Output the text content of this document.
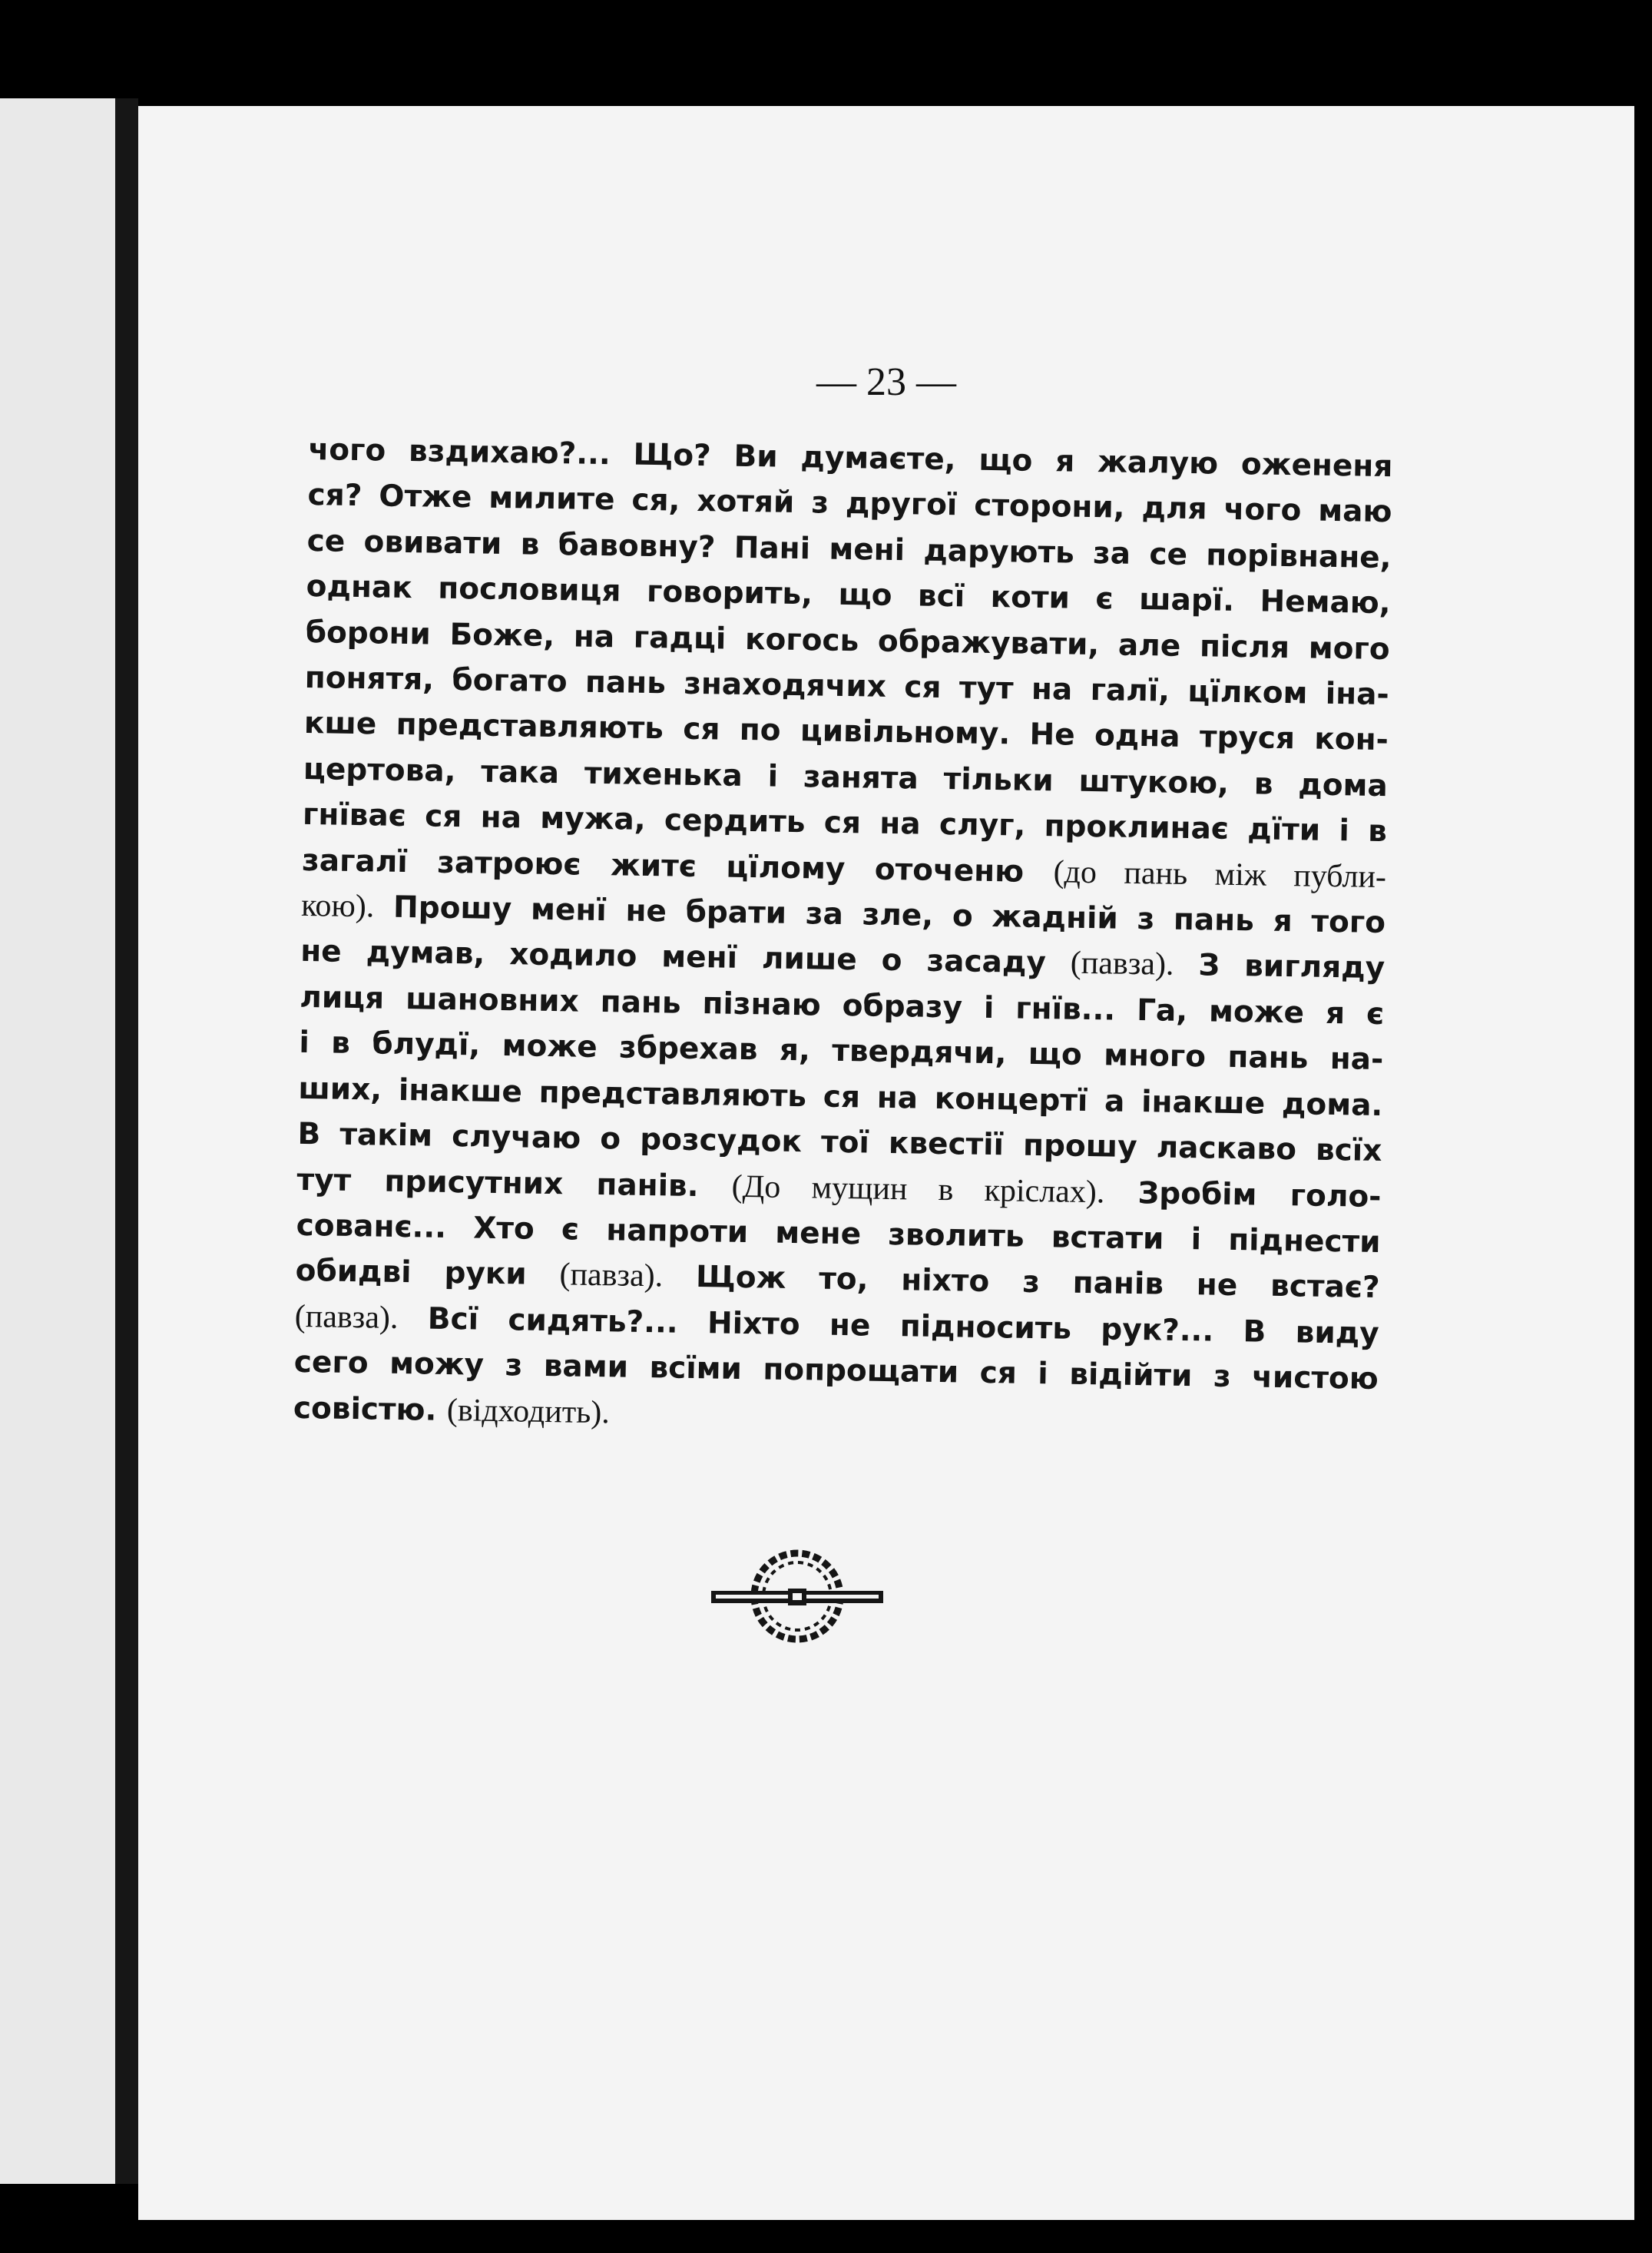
— 23 —
чого вздихаю?... Що? Ви думаєте, що я жалую ожененя
ся? Отже милите ся, хотяй з другої сторони, для чого маю
се овивати в бавовну? Пані мені дарують за се порівнане,
однак пословиця говорить, що всї коти є шарї. Немаю,
борони Боже, на гадці когось ображувати, але після мого
понятя, богато пань знаходячих ся тут на галї, цїлком іна-
кше представляють ся по цивільному. Не одна труся кон-
цертова, така тихенька і занята тільки штукою, в дома
гнїває ся на мужа, сердить ся на слуг, проклинає дїти і в
загалї затроює житє цїлому оточеню (до пань між публи-
кою). Прошу менї не брати за зле, о жадній з пань я того
не думав, ходило менї лише о засаду (павза). З вигляду
лиця шановних пань пізнаю образу і гнїв... Га, може я є
і в блудї, може збрехав я, твердячи, що много пань на-
ших, інакше представляють ся на концертї а інакше дома.
В такім случаю о розсудок тої квестії прошу ласкаво всїх
тут присутних панів. (До мущин в кріслах). Зробім голо-
сованє... Хто є напроти мене зволить встати і піднести
обидві руки (павза). Щож то, ніхто з панів не встає?
(павза). Всї сидять?... Ніхто не підносить рук?... В виду
сего можу з вами всїми попрощати ся і відійти з чистою
совістю. (відходить).
